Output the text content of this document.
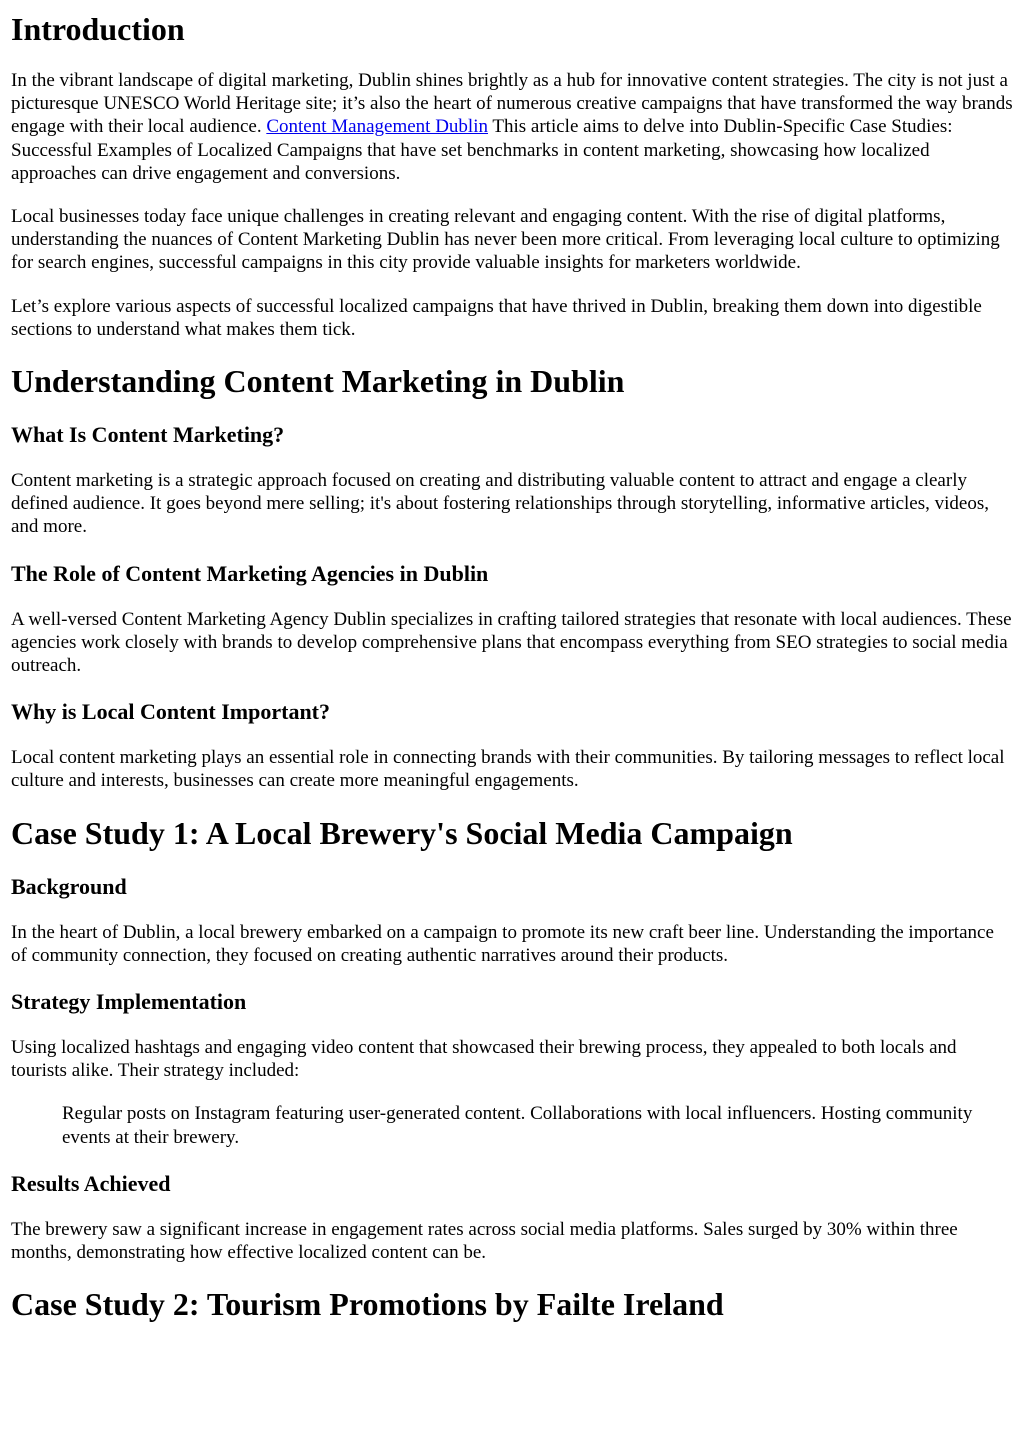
Introduction

In the vibrant landscape of digital marketing, Dublin shines brightly as a hub for innovative content strategies. The city is not just a picturesque UNESCO World Heritage site; it’s also the heart of numerous creative campaigns that have transformed the way brands engage with their local audience. Content Management Dublin This article aims to delve into Dublin-Specific Case Studies: Successful Examples of Localized Campaigns that have set benchmarks in content marketing, showcasing how localized approaches can drive engagement and conversions.

Local businesses today face unique challenges in creating relevant and engaging content. With the rise of digital platforms, understanding the nuances of Content Marketing Dublin has never been more critical. From leveraging local culture to optimizing for search engines, successful campaigns in this city provide valuable insights for marketers worldwide.

Let’s explore various aspects of successful localized campaigns that have thrived in Dublin, breaking them down into digestible sections to understand what makes them tick.

Understanding Content Marketing in Dublin
What Is Content Marketing?

Content marketing is a strategic approach focused on creating and distributing valuable content to attract and engage a clearly defined audience. It goes beyond mere selling; it's about fostering relationships through storytelling, informative articles, videos, and more.

The Role of Content Marketing Agencies in Dublin

A well-versed Content Marketing Agency Dublin specializes in crafting tailored strategies that resonate with local audiences. These agencies work closely with brands to develop comprehensive plans that encompass everything from SEO strategies to social media outreach.

Why is Local Content Important?

Local content marketing plays an essential role in connecting brands with their communities. By tailoring messages to reflect local culture and interests, businesses can create more meaningful engagements.

Case Study 1: A Local Brewery's Social Media Campaign
Background

In the heart of Dublin, a local brewery embarked on a campaign to promote its new craft beer line. Understanding the importance of community connection, they focused on creating authentic narratives around their products.

Strategy Implementation

Using localized hashtags and engaging video content that showcased their brewing process, they appealed to both locals and tourists alike. Their strategy included:

Regular posts on Instagram featuring user-generated content. Collaborations with local influencers. Hosting community events at their brewery.
Results Achieved

The brewery saw a significant increase in engagement rates across social media platforms. Sales surged by 30% within three months, demonstrating how effective localized content can be.

Case Study 2: Tourism Promotions by Failte Ireland
